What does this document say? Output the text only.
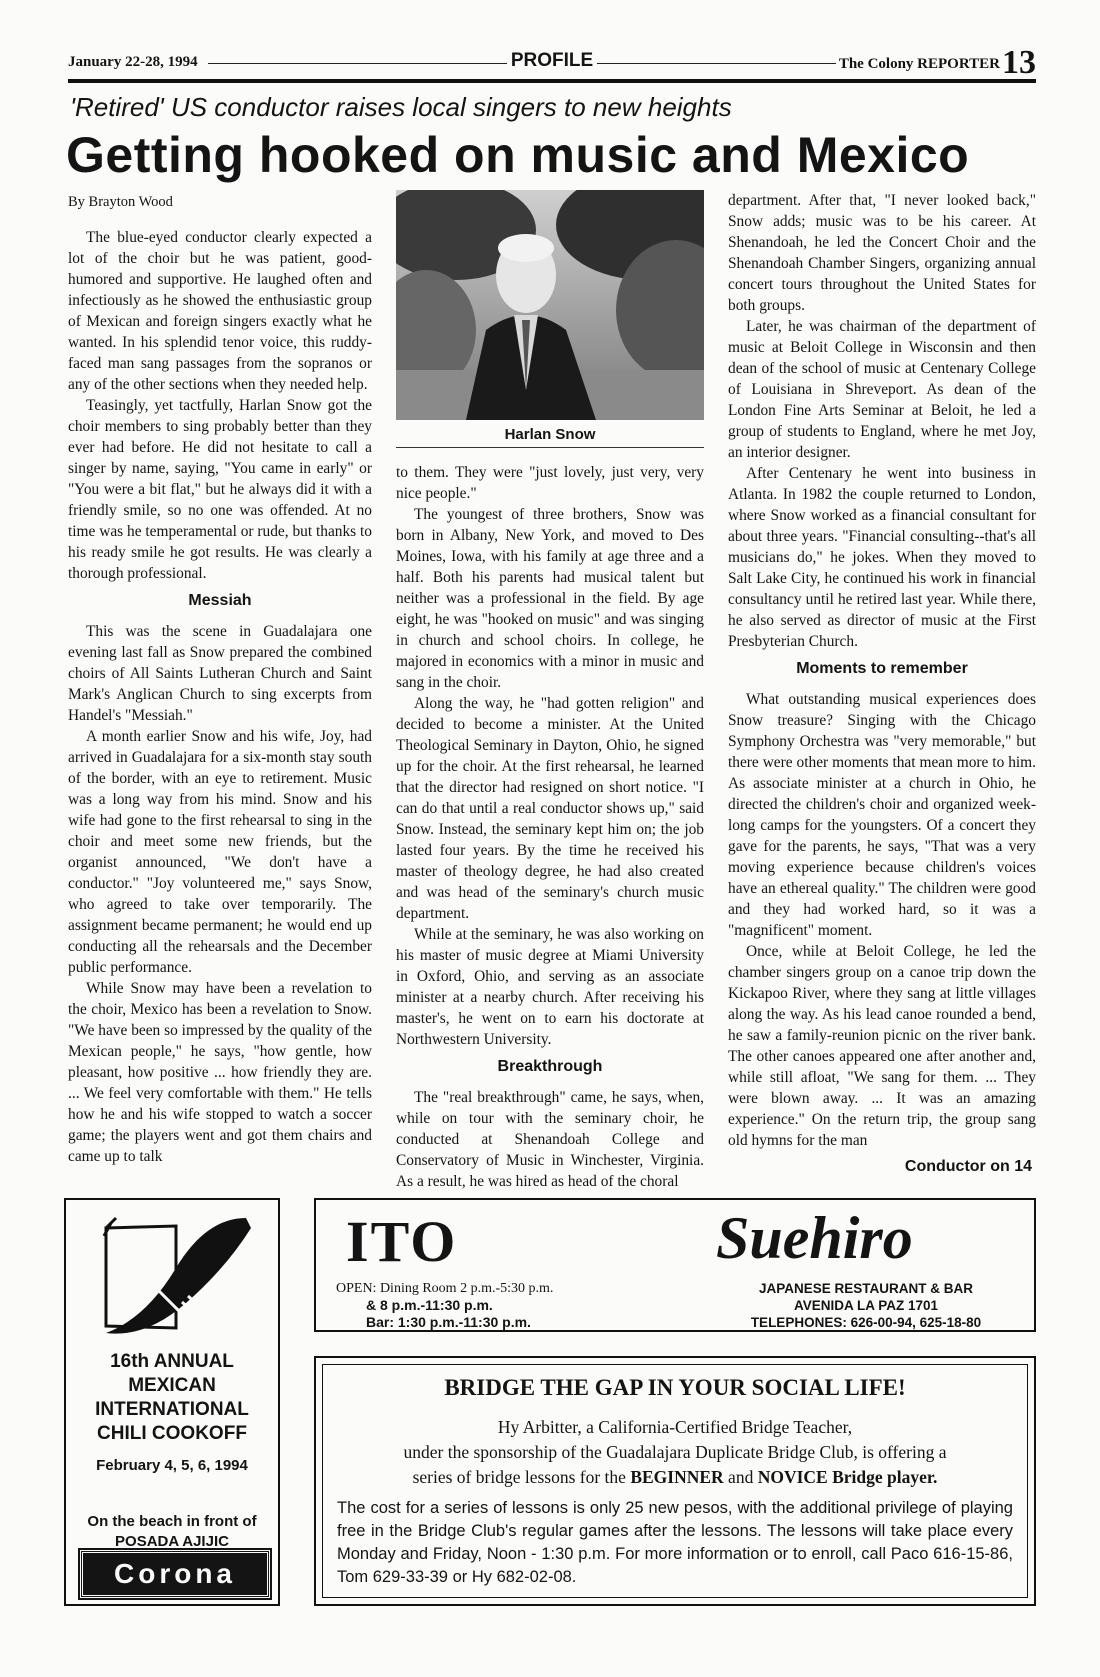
January 22-28, 1994	PROFILE	The Colony REPORTER 13
'Retired' US conductor raises local singers to new heights
Getting hooked on music and Mexico

By Brayton Wood

The blue-eyed conductor clearly expected a lot of the choir but he was patient, good-humored and supportive. He laughed often and infectiously as he showed the enthusiastic group of Mexican and foreign singers exactly what he wanted. In his splendid tenor voice, this ruddy-faced man sang passages from the sopranos or any of the other sections when they needed help.

Teasingly, yet tactfully, Harlan Snow got the choir members to sing probably better than they ever had before. He did not hesitate to call a singer by name, saying, "You came in early" or "You were a bit flat," but he always did it with a friendly smile, so no one was offended. At no time was he temperamental or rude, but thanks to his ready smile he got results. He was clearly a thorough professional.

Messiah

This was the scene in Guadalajara one evening last fall as Snow prepared the combined choirs of All Saints Lutheran Church and Saint Mark's Anglican Church to sing excerpts from Handel's "Messiah."

A month earlier Snow and his wife, Joy, had arrived in Guadalajara for a six-month stay south of the border, with an eye to retirement. Music was a long way from his mind. Snow and his wife had gone to the first rehearsal to sing in the choir and meet some new friends, but the organist announced, "We don't have a conductor." "Joy volunteered me," says Snow, who agreed to take over temporarily. The assignment became permanent; he would end up conducting all the rehearsals and the December public performance.

While Snow may have been a revelation to the choir, Mexico has been a revelation to Snow. "We have been so impressed by the quality of the Mexican people," he says, "how gentle, how pleasant, how positive ... how friendly they are. ... We feel very comfortable with them." He tells how he and his wife stopped to watch a soccer game; the players went and got them chairs and came up to talk

Harlan Snow

to them. They were "just lovely, just very, very nice people."

The youngest of three brothers, Snow was born in Albany, New York, and moved to Des Moines, Iowa, with his family at age three and a half. Both his parents had musical talent but neither was a professional in the field. By age eight, he was "hooked on music" and was singing in church and school choirs. In college, he majored in economics with a minor in music and sang in the choir.

Along the way, he "had gotten religion" and decided to become a minister. At the United Theological Seminary in Dayton, Ohio, he signed up for the choir. At the first rehearsal, he learned that the director had resigned on short notice. "I can do that until a real conductor shows up," said Snow. Instead, the seminary kept him on; the job lasted four years. By the time he received his master of theology degree, he had also created and was head of the seminary's church music department.

While at the seminary, he was also working on his master of music degree at Miami University in Oxford, Ohio, and serving as an associate minister at a nearby church. After receiving his master's, he went on to earn his doctorate at Northwestern University.

Breakthrough

The "real breakthrough" came, he says, when, while on tour with the seminary choir, he conducted at Shenandoah College and Conservatory of Music in Winchester, Virginia. As a result, he was hired as head of the choral

department. After that, "I never looked back," Snow adds; music was to be his career. At Shenandoah, he led the Concert Choir and the Shenandoah Chamber Singers, organizing annual concert tours throughout the United States for both groups.

Later, he was chairman of the department of music at Beloit College in Wisconsin and then dean of the school of music at Centenary College of Louisiana in Shreveport. As dean of the London Fine Arts Seminar at Beloit, he led a group of students to England, where he met Joy, an interior designer.

After Centenary he went into business in Atlanta. In 1982 the couple returned to London, where Snow worked as a financial consultant for about three years. "Financial consulting--that's all musicians do," he jokes. When they moved to Salt Lake City, he continued his work in financial consultancy until he retired last year. While there, he also served as director of music at the First Presbyterian Church.

Moments to remember

What outstanding musical experiences does Snow treasure? Singing with the Chicago Symphony Orchestra was "very memorable," but there were other moments that mean more to him. As associate minister at a church in Ohio, he directed the children's choir and organized week-long camps for the youngsters. Of a concert they gave for the parents, he says, "That was a very moving experience because children's voices have an ethereal quality." The children were good and they had worked hard, so it was a "magnificent" moment.

Once, while at Beloit College, he led the chamber singers group on a canoe trip down the Kickapoo River, where they sang at little villages along the way. As his lead canoe rounded a bend, he saw a family-reunion picnic on the river bank. The other canoes appeared one after another and, while still afloat, "We sang for them. ... They were blown away. ... It was an amazing experience." On the return trip, the group sang old hymns for the man

Conductor on 14
16th ANNUAL
MEXICAN
INTERNATIONAL
CHILI COOKOFF
February 4, 5, 6, 1994
On the beach in front of
POSADA AJIJIC
Corona
ITO	Suehiro
OPEN: Dining Room 2 p.m.-5:30 p.m.
& 8 p.m.-11:30 p.m.
Bar: 1:30 p.m.-11:30 p.m.
JAPANESE RESTAURANT & BAR
AVENIDA LA PAZ 1701
TELEPHONES: 626-00-94, 625-18-80
BRIDGE THE GAP IN YOUR SOCIAL LIFE!
Hy Arbitter, a California-Certified Bridge Teacher,
under the sponsorship of the Guadalajara Duplicate Bridge Club, is offering a
series of bridge lessons for the BEGINNER and NOVICE Bridge player.
The cost for a series of lessons is only 25 new pesos, with the additional privilege of playing free in the Bridge Club's regular games after the lessons. The lessons will take place every Monday and Friday, Noon - 1:30 p.m. For more information or to enroll, call Paco 616-15-86, Tom 629-33-39 or Hy 682-02-08.
